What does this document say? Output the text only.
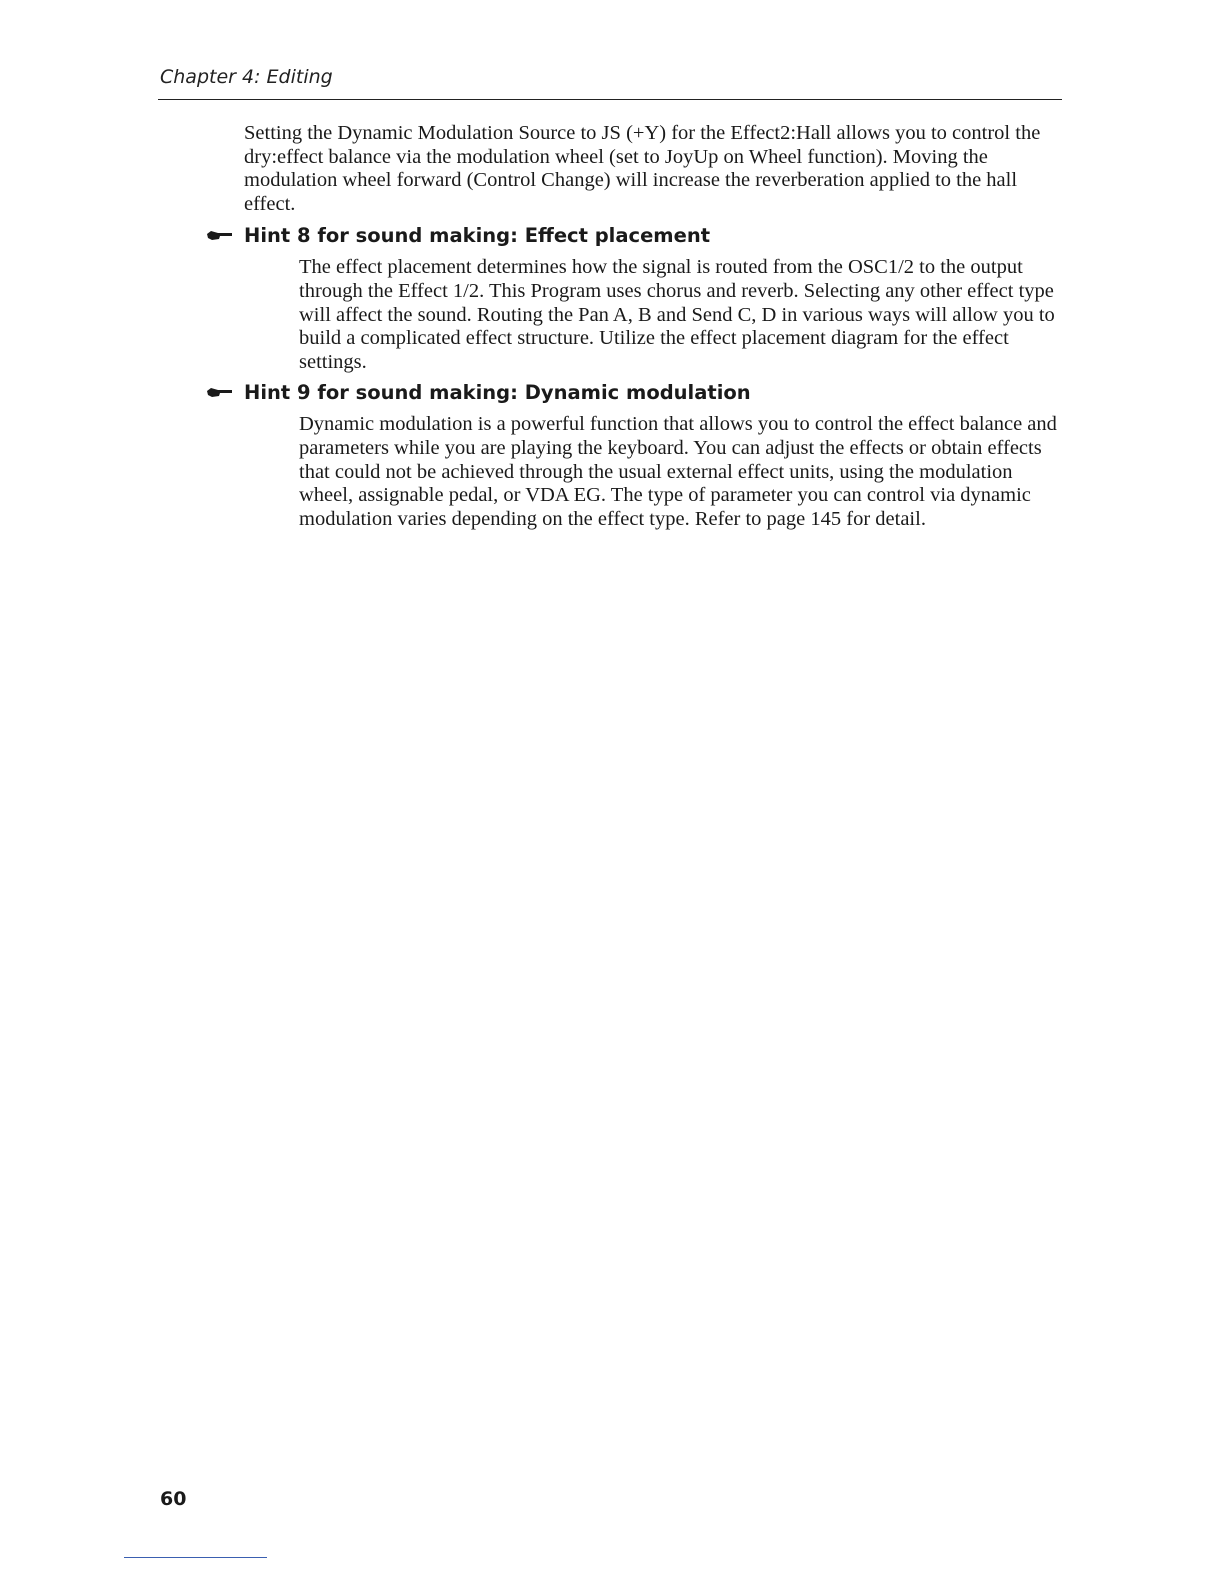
Chapter 4: Editing

Setting the Dynamic Modulation Source to JS (+Y) for the Effect2:Hall allows you to control the dry:effect balance via the modulation wheel (set to JoyUp on Wheel function). Moving the modulation wheel forward (Control Change) will increase the reverberation applied to the hall effect.

Hint 8 for sound making: Effect placement

The effect placement determines how the signal is routed from the OSC1/2 to the output through the Effect 1/2. This Program uses chorus and reverb. Selecting any other effect type will affect the sound. Routing the Pan A, B and Send C, D in various ways will allow you to build a complicated effect structure. Utilize the effect placement diagram for the effect settings.

Hint 9 for sound making: Dynamic modulation

Dynamic modulation is a powerful function that allows you to control the effect balance and parameters while you are playing the keyboard. You can adjust the effects or obtain effects that could not be achieved through the usual external effect units, using the modulation wheel, assignable pedal, or VDA EG. The type of parameter you can control via dynamic modulation varies depending on the effect type. Refer to page 145 for detail.

60
